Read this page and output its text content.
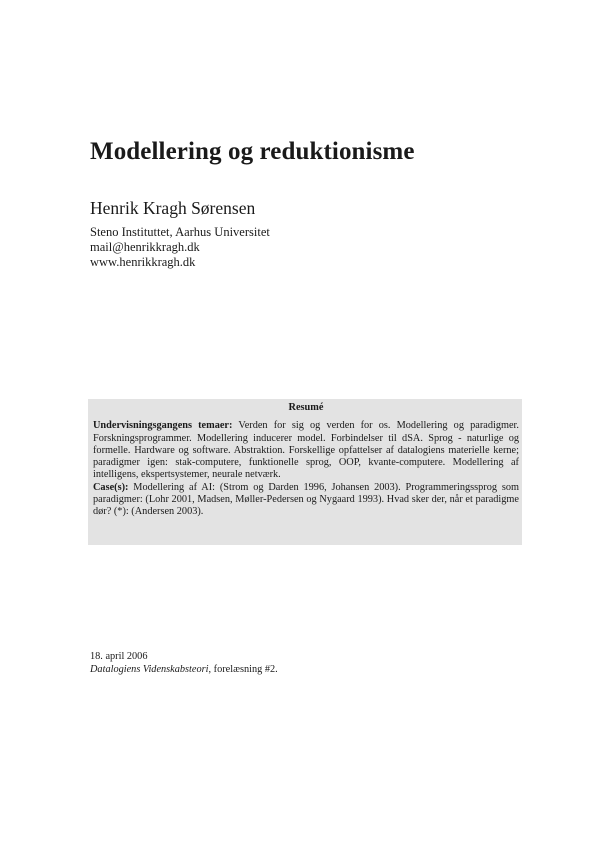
Modellering og reduktionisme
Henrik Kragh Sørensen
Steno Instituttet, Aarhus Universitet
mail@henrikkragh.dk
www.henrikkragh.dk
Resumé

Undervisningsgangens temaer: Verden for sig og verden for os. Modellering og paradigmer. Forskningsprogrammer. Modellering inducerer model. Forbindelser til dSA. Sprog - naturlige og formelle. Hardware og software. Abstraktion. Forskellige opfattelser af datalogiens materielle kerne; paradigmer igen: stak-computere, funktionelle sprog, OOP, kvante-computere. Modellering af intelligens, ekspertsystemer, neurale netværk.

Case(s): Modellering af AI: (Strom og Darden 1996, Johansen 2003). Programmeringssprog som paradigmer: (Lohr 2001, Madsen, Møller-Pedersen og Nygaard 1993). Hvad sker der, når et paradigme dør? (*): (Andersen 2003).

18. april 2006
Datalogiens Videnskabsteori, forelæsning #2.
